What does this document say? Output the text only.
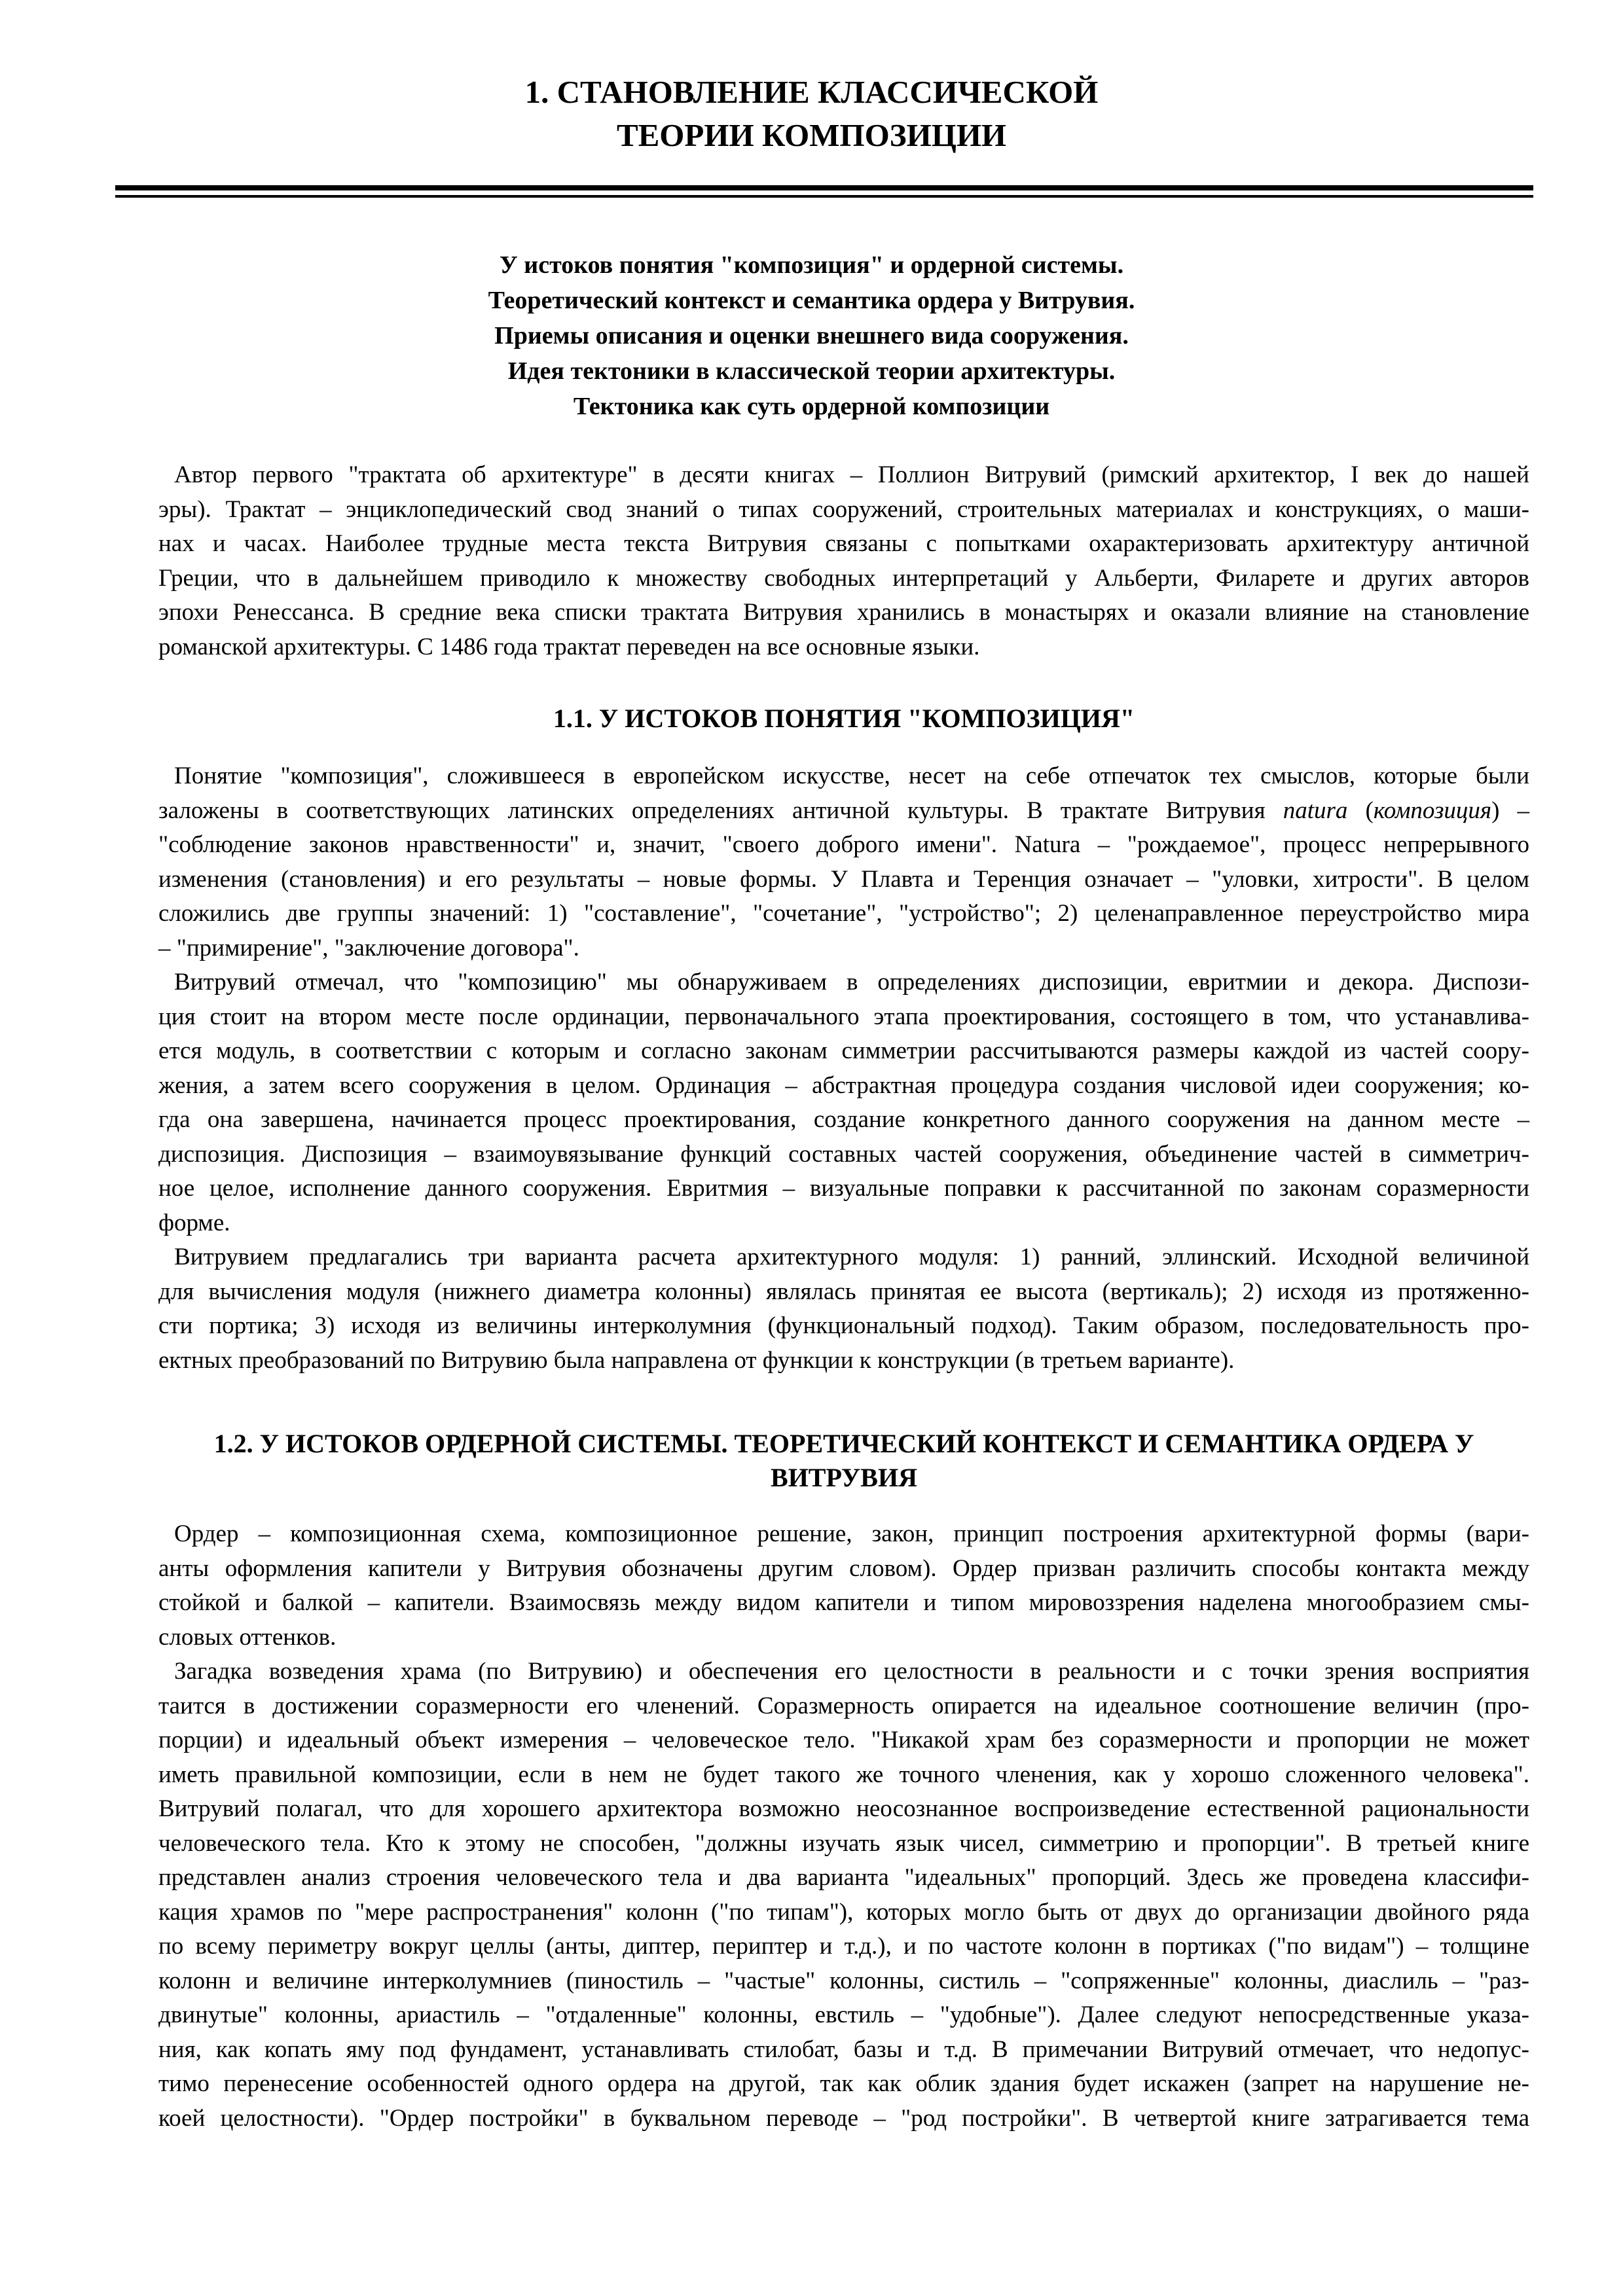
1. СТАНОВЛЕНИЕ КЛАССИЧЕСКОЙ
ТЕОРИИ КОМПОЗИЦИИ
У истоков понятия "композиция" и ордерной системы.
Теоретический контекст и семантика ордера у Витрувия.
Приемы описания и оценки внешнего вида сооружения.
Идея тектоники в классической теории архитектуры.
Тектоника как суть ордерной композиции
Автор первого "трактата об архитектуре" в десяти книгах – Поллион Витрувий (римский архитектор, I век до нашей
эры). Трактат – энциклопедический свод знаний о типах сооружений, строительных материалах и конструкциях, о маши-
нах и часах. Наиболее трудные места текста Витрувия связаны с попытками охарактеризовать архитектуру античной
Греции, что в дальнейшем приводило к множеству свободных интерпретаций у Альберти, Филарете и других авторов
эпохи Ренессанса. В средние века списки трактата Витрувия хранились в монастырях и оказали влияние на становление
романской архитектуры. С 1486 года трактат переведен на все основные языки.
1.1. У ИСТОКОВ ПОНЯТИЯ "КОМПОЗИЦИЯ"
Понятие "композиция", сложившееся в европейском искусстве, несет на себе отпечаток тех смыслов, которые были
заложены в соответствующих латинских определениях античной культуры. В трактате Витрувия natura (композиция) –
"соблюдение законов нравственности" и, значит, "своего доброго имени". Natura – "рождаемое", процесс непрерывного
изменения (становления) и его результаты – новые формы. У Плавта и Теренция означает – "уловки, хитрости". В целом
сложились две группы значений: 1) "составление", "сочетание", "устройство"; 2) целенаправленное переустройство мира
– "примирение", "заключение договора".
Витрувий отмечал, что "композицию" мы обнаруживаем в определениях диспозиции, евритмии и декора. Диспози-
ция стоит на втором месте после ординации, первоначального этапа проектирования, состоящего в том, что устанавлива-
ется модуль, в соответствии с которым и согласно законам симметрии рассчитываются размеры каждой из частей соору-
жения, а затем всего сооружения в целом. Ординация – абстрактная процедура создания числовой идеи сооружения; ко-
гда она завершена, начинается процесс проектирования, создание конкретного данного сооружения на данном месте –
диспозиция. Диспозиция – взаимоувязывание функций составных частей сооружения, объединение частей в симметрич-
ное целое, исполнение данного сооружения. Евритмия – визуальные поправки к рассчитанной по законам соразмерности
форме.
Витрувием предлагались три варианта расчета архитектурного модуля: 1) ранний, эллинский. Исходной величиной
для вычисления модуля (нижнего диаметра колонны) являлась принятая ее высота (вертикаль); 2) исходя из протяженно-
сти портика; 3) исходя из величины интерколумния (функциональный подход). Таким образом, последовательность про-
ектных преобразований по Витрувию была направлена от функции к конструкции (в третьем варианте).
1.2. У ИСТОКОВ ОРДЕРНОЙ СИСТЕМЫ. ТЕОРЕТИЧЕСКИЙ КОНТЕКСТ И СЕМАНТИКА ОРДЕРА У
ВИТРУВИЯ
Ордер – композиционная схема, композиционное решение, закон, принцип построения архитектурной формы (вари-
анты оформления капители у Витрувия обозначены другим словом). Ордер призван различить способы контакта между
стойкой и балкой – капители. Взаимосвязь между видом капители и типом мировоззрения наделена многообразием смы-
словых оттенков.
Загадка возведения храма (по Витрувию) и обеспечения его целостности в реальности и с точки зрения восприятия
таится в достижении соразмерности его членений. Соразмерность опирается на идеальное соотношение величин (про-
порции) и идеальный объект измерения – человеческое тело. "Никакой храм без соразмерности и пропорции не может
иметь правильной композиции, если в нем не будет такого же точного членения, как у хорошо сложенного человека".
Витрувий полагал, что для хорошего архитектора возможно неосознанное воспроизведение естественной рациональности
человеческого тела. Кто к этому не способен, "должны изучать язык чисел, симметрию и пропорции". В третьей книге
представлен анализ строения человеческого тела и два варианта "идеальных" пропорций. Здесь же проведена классифи-
кация храмов по "мере распространения" колонн ("по типам"), которых могло быть от двух до организации двойного ряда
по всему периметру вокруг целлы (анты, диптер, периптер и т.д.), и по частоте колонн в портиках ("по видам") – толщине
колонн и величине интерколумниев (пиностиль – "частые" колонны, систиль – "сопряженные" колонны, диаслиль – "раз-
двинутые" колонны, ариастиль – "отдаленные" колонны, евстиль – "удобные"). Далее следуют непосредственные указа-
ния, как копать яму под фундамент, устанавливать стилобат, базы и т.д. В примечании Витрувий отмечает, что недопус-
тимо перенесение особенностей одного ордера на другой, так как облик здания будет искажен (запрет на нарушение не-
коей целостности). "Ордер постройки" в буквальном переводе – "род постройки". В четвертой книге затрагивается тема
